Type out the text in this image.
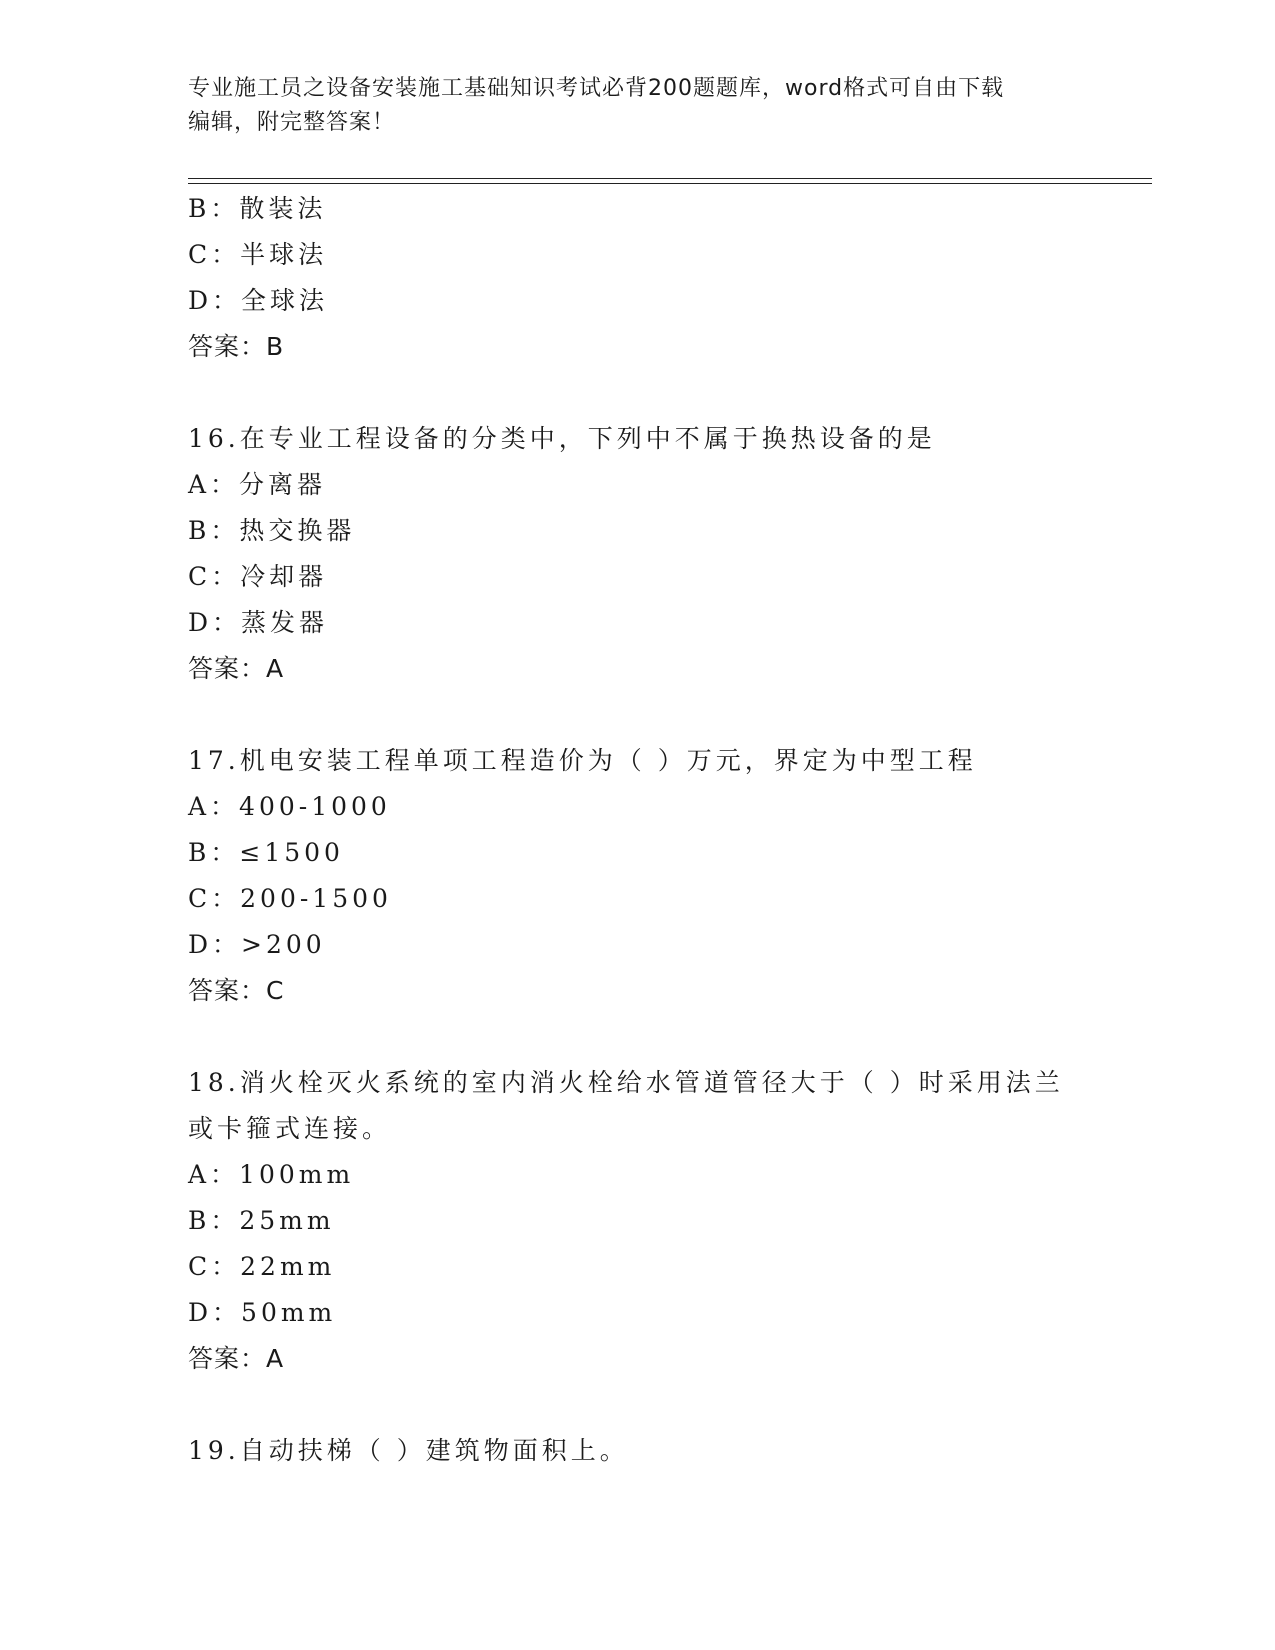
专业施工员之设备安装施工基础知识考试必背200题题库，word格式可自由下载
编辑，附完整答案！

B：散装法

C：半球法

D：全球法

答案：B

16.在专业工程设备的分类中，下列中不属于换热设备的是

A：分离器

B：热交换器

C：冷却器

D：蒸发器

答案：A

17.机电安装工程单项工程造价为（ ）万元，界定为中型工程

A：400-1000

B：≤1500

C：200-1500

D：>200

答案：C

18.消火栓灭火系统的室内消火栓给水管道管径大于（ ）时采用法兰

或卡箍式连接。

A：100mm

B：25mm

C：22mm

D：50mm

答案：A

19.自动扶梯（ ）建筑物面积上。
